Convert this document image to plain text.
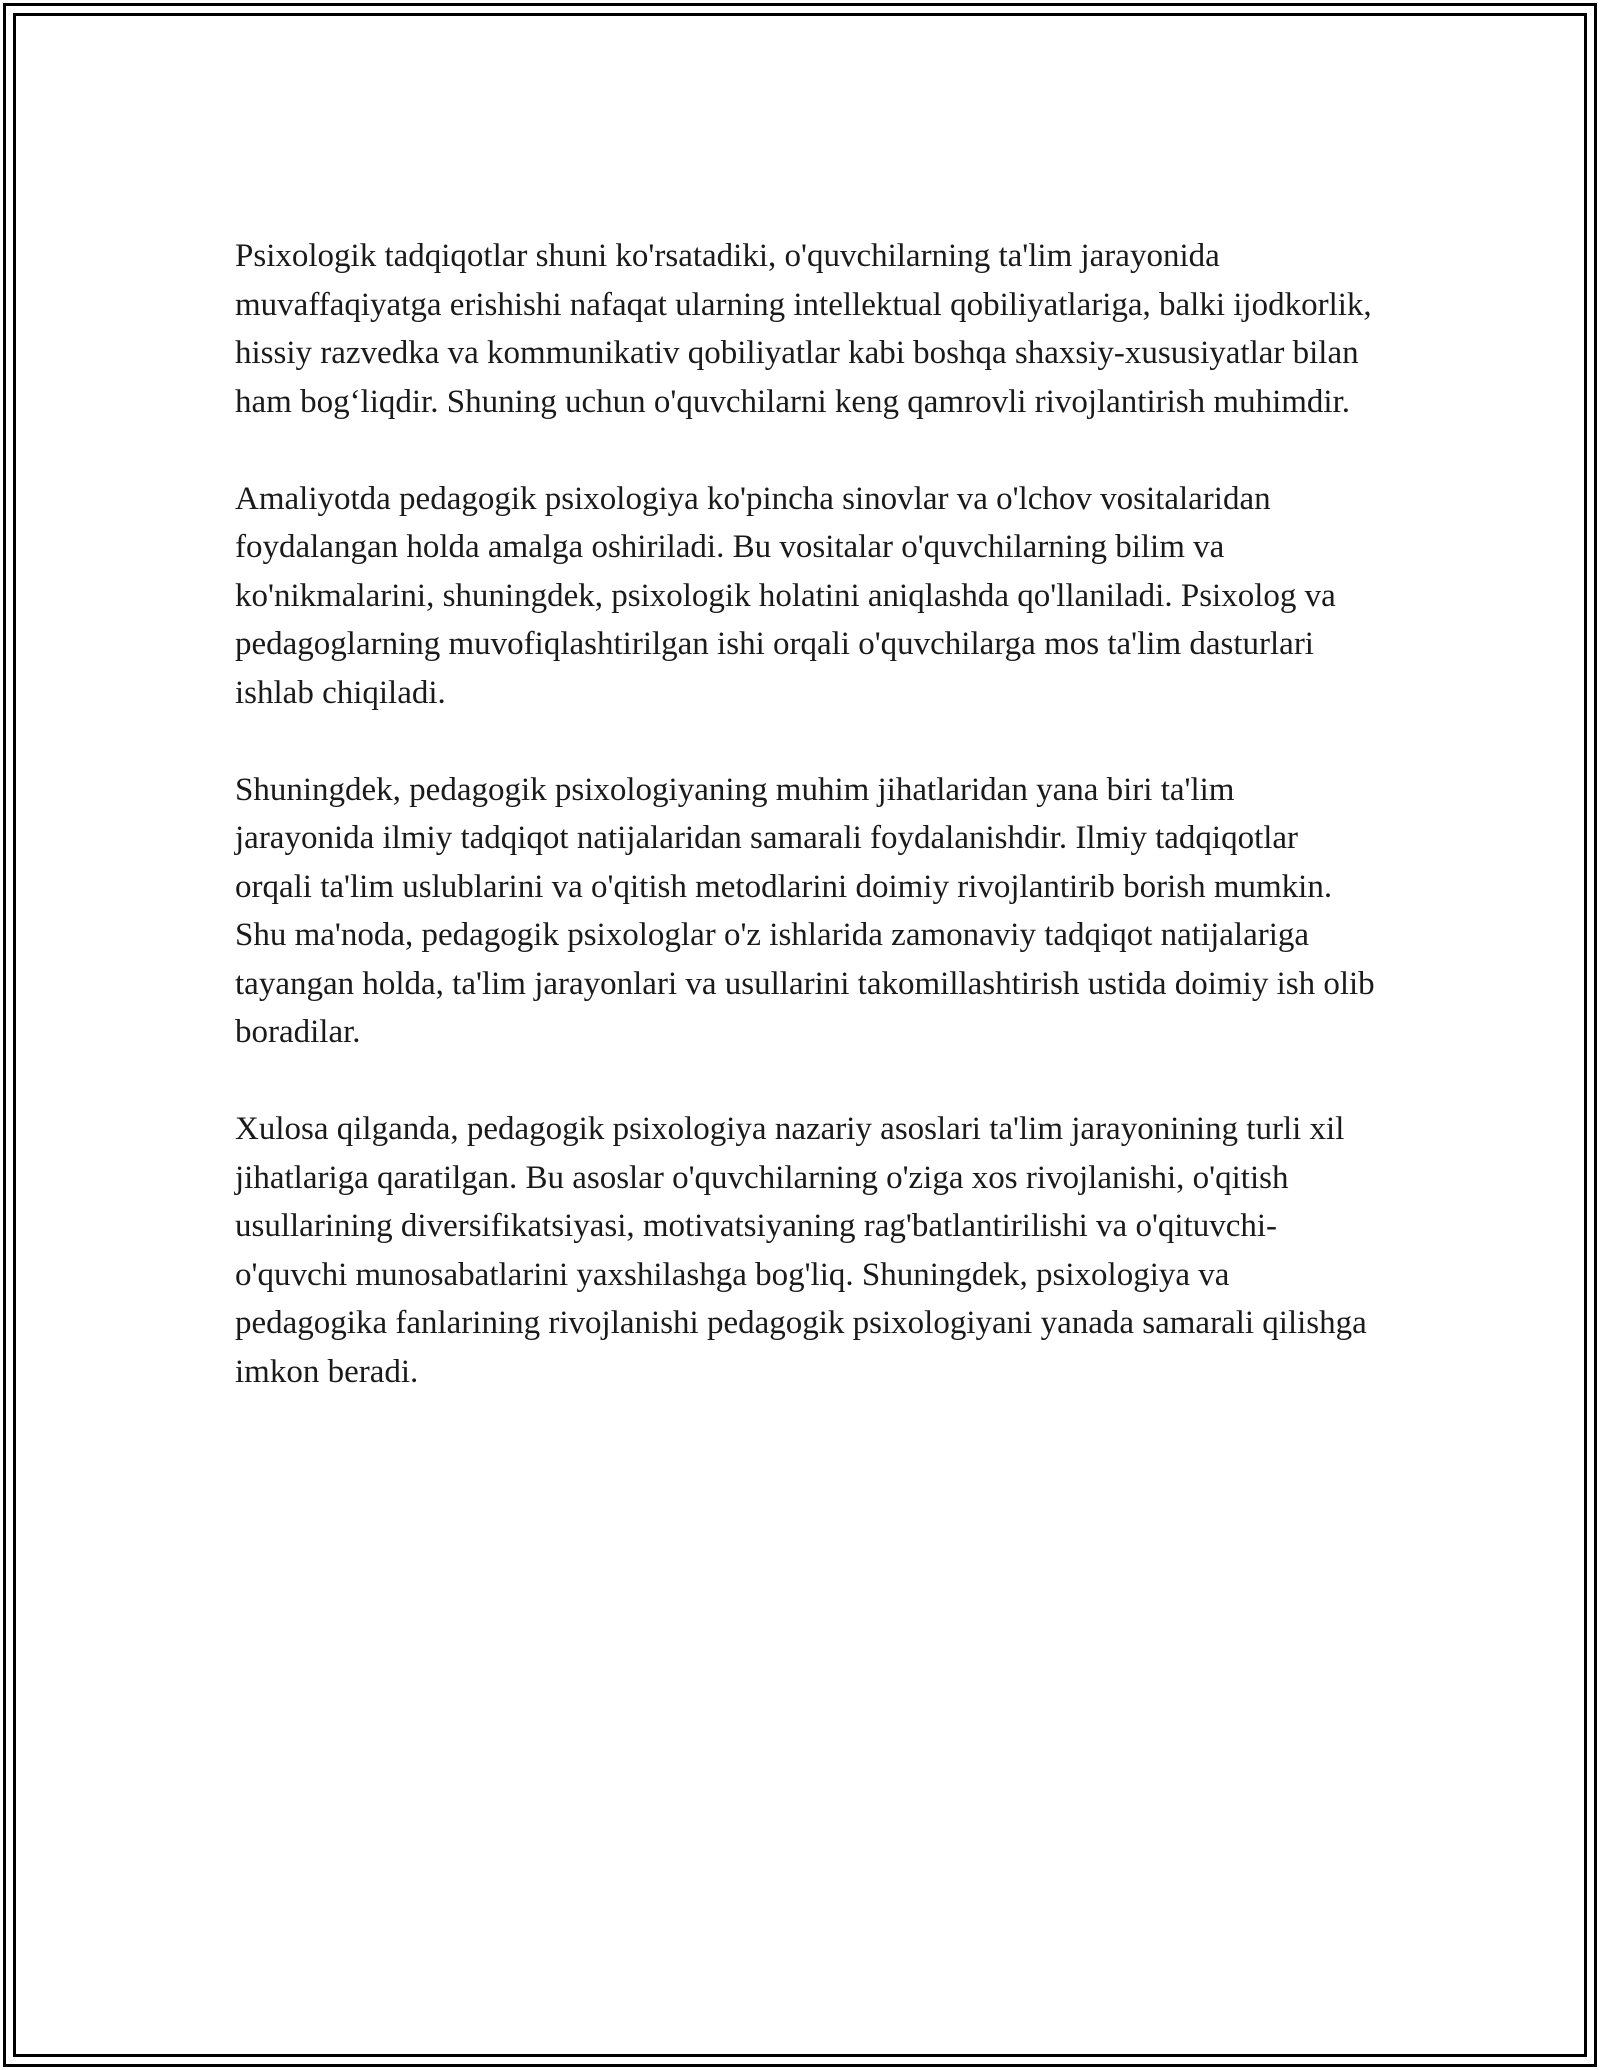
Psixologik tadqiqotlar shuni ko'rsatadiki, o'quvchilarning ta'lim jarayonida muvaffaqiyatga erishishi nafaqat ularning intellektual qobiliyatlariga, balki ijodkorlik, hissiy razvedka va kommunikativ qobiliyatlar kabi boshqa shaxsiy-xususiyatlar bilan ham bog‘liqdir. Shuning uchun o'quvchilarni keng qamrovli rivojlantirish muhimdir.

Amaliyotda pedagogik psixologiya ko'pincha sinovlar va o'lchov vositalaridan foydalangan holda amalga oshiriladi. Bu vositalar o'quvchilarning bilim va ko'nikmalarini, shuningdek, psixologik holatini aniqlashda qo'llaniladi. Psixolog va pedagoglarning muvofiqlashtirilgan ishi orqali o'quvchilarga mos ta'lim dasturlari ishlab chiqiladi.

Shuningdek, pedagogik psixologiyaning muhim jihatlaridan yana biri ta'lim jarayonida ilmiy tadqiqot natijalaridan samarali foydalanishdir. Ilmiy tadqiqotlar orqali ta'lim uslublarini va o'qitish metodlarini doimiy rivojlantirib borish mumkin. Shu ma'noda, pedagogik psixologlar o'z ishlarida zamonaviy tadqiqot natijalariga tayangan holda, ta'lim jarayonlari va usullarini takomillashtirish ustida doimiy ish olib boradilar.

Xulosa qilganda, pedagogik psixologiya nazariy asoslari ta'lim jarayonining turli xil jihatlariga qaratilgan. Bu asoslar o'quvchilarning o'ziga xos rivojlanishi, o'qitish usullarining diversifikatsiyasi, motivatsiyaning rag'batlantirilishi va o'qituvchi-o'quvchi munosabatlarini yaxshilashga bog'liq. Shuningdek, psixologiya va pedagogika fanlarining rivojlanishi pedagogik psixologiyani yanada samarali qilishga imkon beradi.
